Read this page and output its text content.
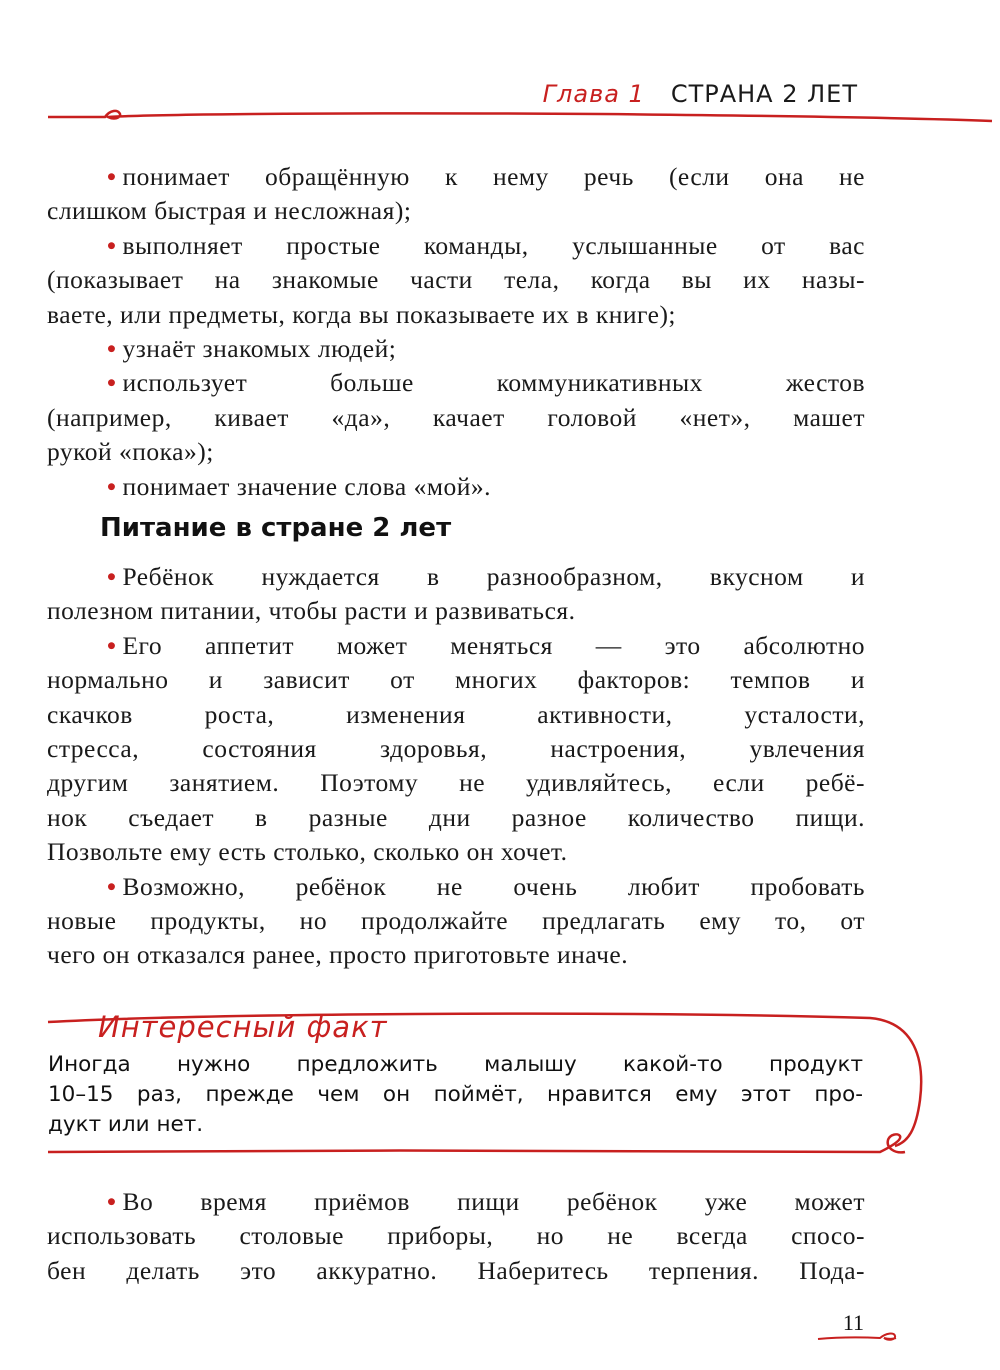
Глава 1 СТРАНА 2 ЛЕТ
• понимает обращённую к нему речь (если она не
слишком быстрая и несложная);
• выполняет простые команды, услышанные от вас
(показывает на знакомые части тела, когда вы их назы-
ваете, или предметы, когда вы показываете их в книге);
• узнаёт знакомых людей;
• использует больше коммуникативных жестов
(например, кивает «да», качает головой «нет», машет
рукой «пока»);
• понимает значение слова «мой».
Питание в стране 2 лет
• Ребёнок нуждается в разнообразном, вкусном и
полезном питании, чтобы расти и развиваться.
• Его аппетит может меняться — это абсолютно
нормально и зависит от многих факторов: темпов и
скачков роста, изменения активности, усталости,
стресса, состояния здоровья, настроения, увлечения
другим занятием. Поэтому не удивляйтесь, если ребё-
нок съедает в разные дни разное количество пищи.
Позвольте ему есть столько, сколько он хочет.
• Возможно, ребёнок не очень любит пробовать
новые продукты, но продолжайте предлагать ему то, от
чего он отказался ранее, просто приготовьте иначе.
Интересный факт
Иногда нужно предложить малышу какой-то продукт
10–15 раз, прежде чем он поймёт, нравится ему этот про-
дукт или нет.
• Во время приёмов пищи ребёнок уже может
использовать столовые приборы, но не всегда спосо-
бен делать это аккуратно. Наберитесь терпения. Пода-
11
